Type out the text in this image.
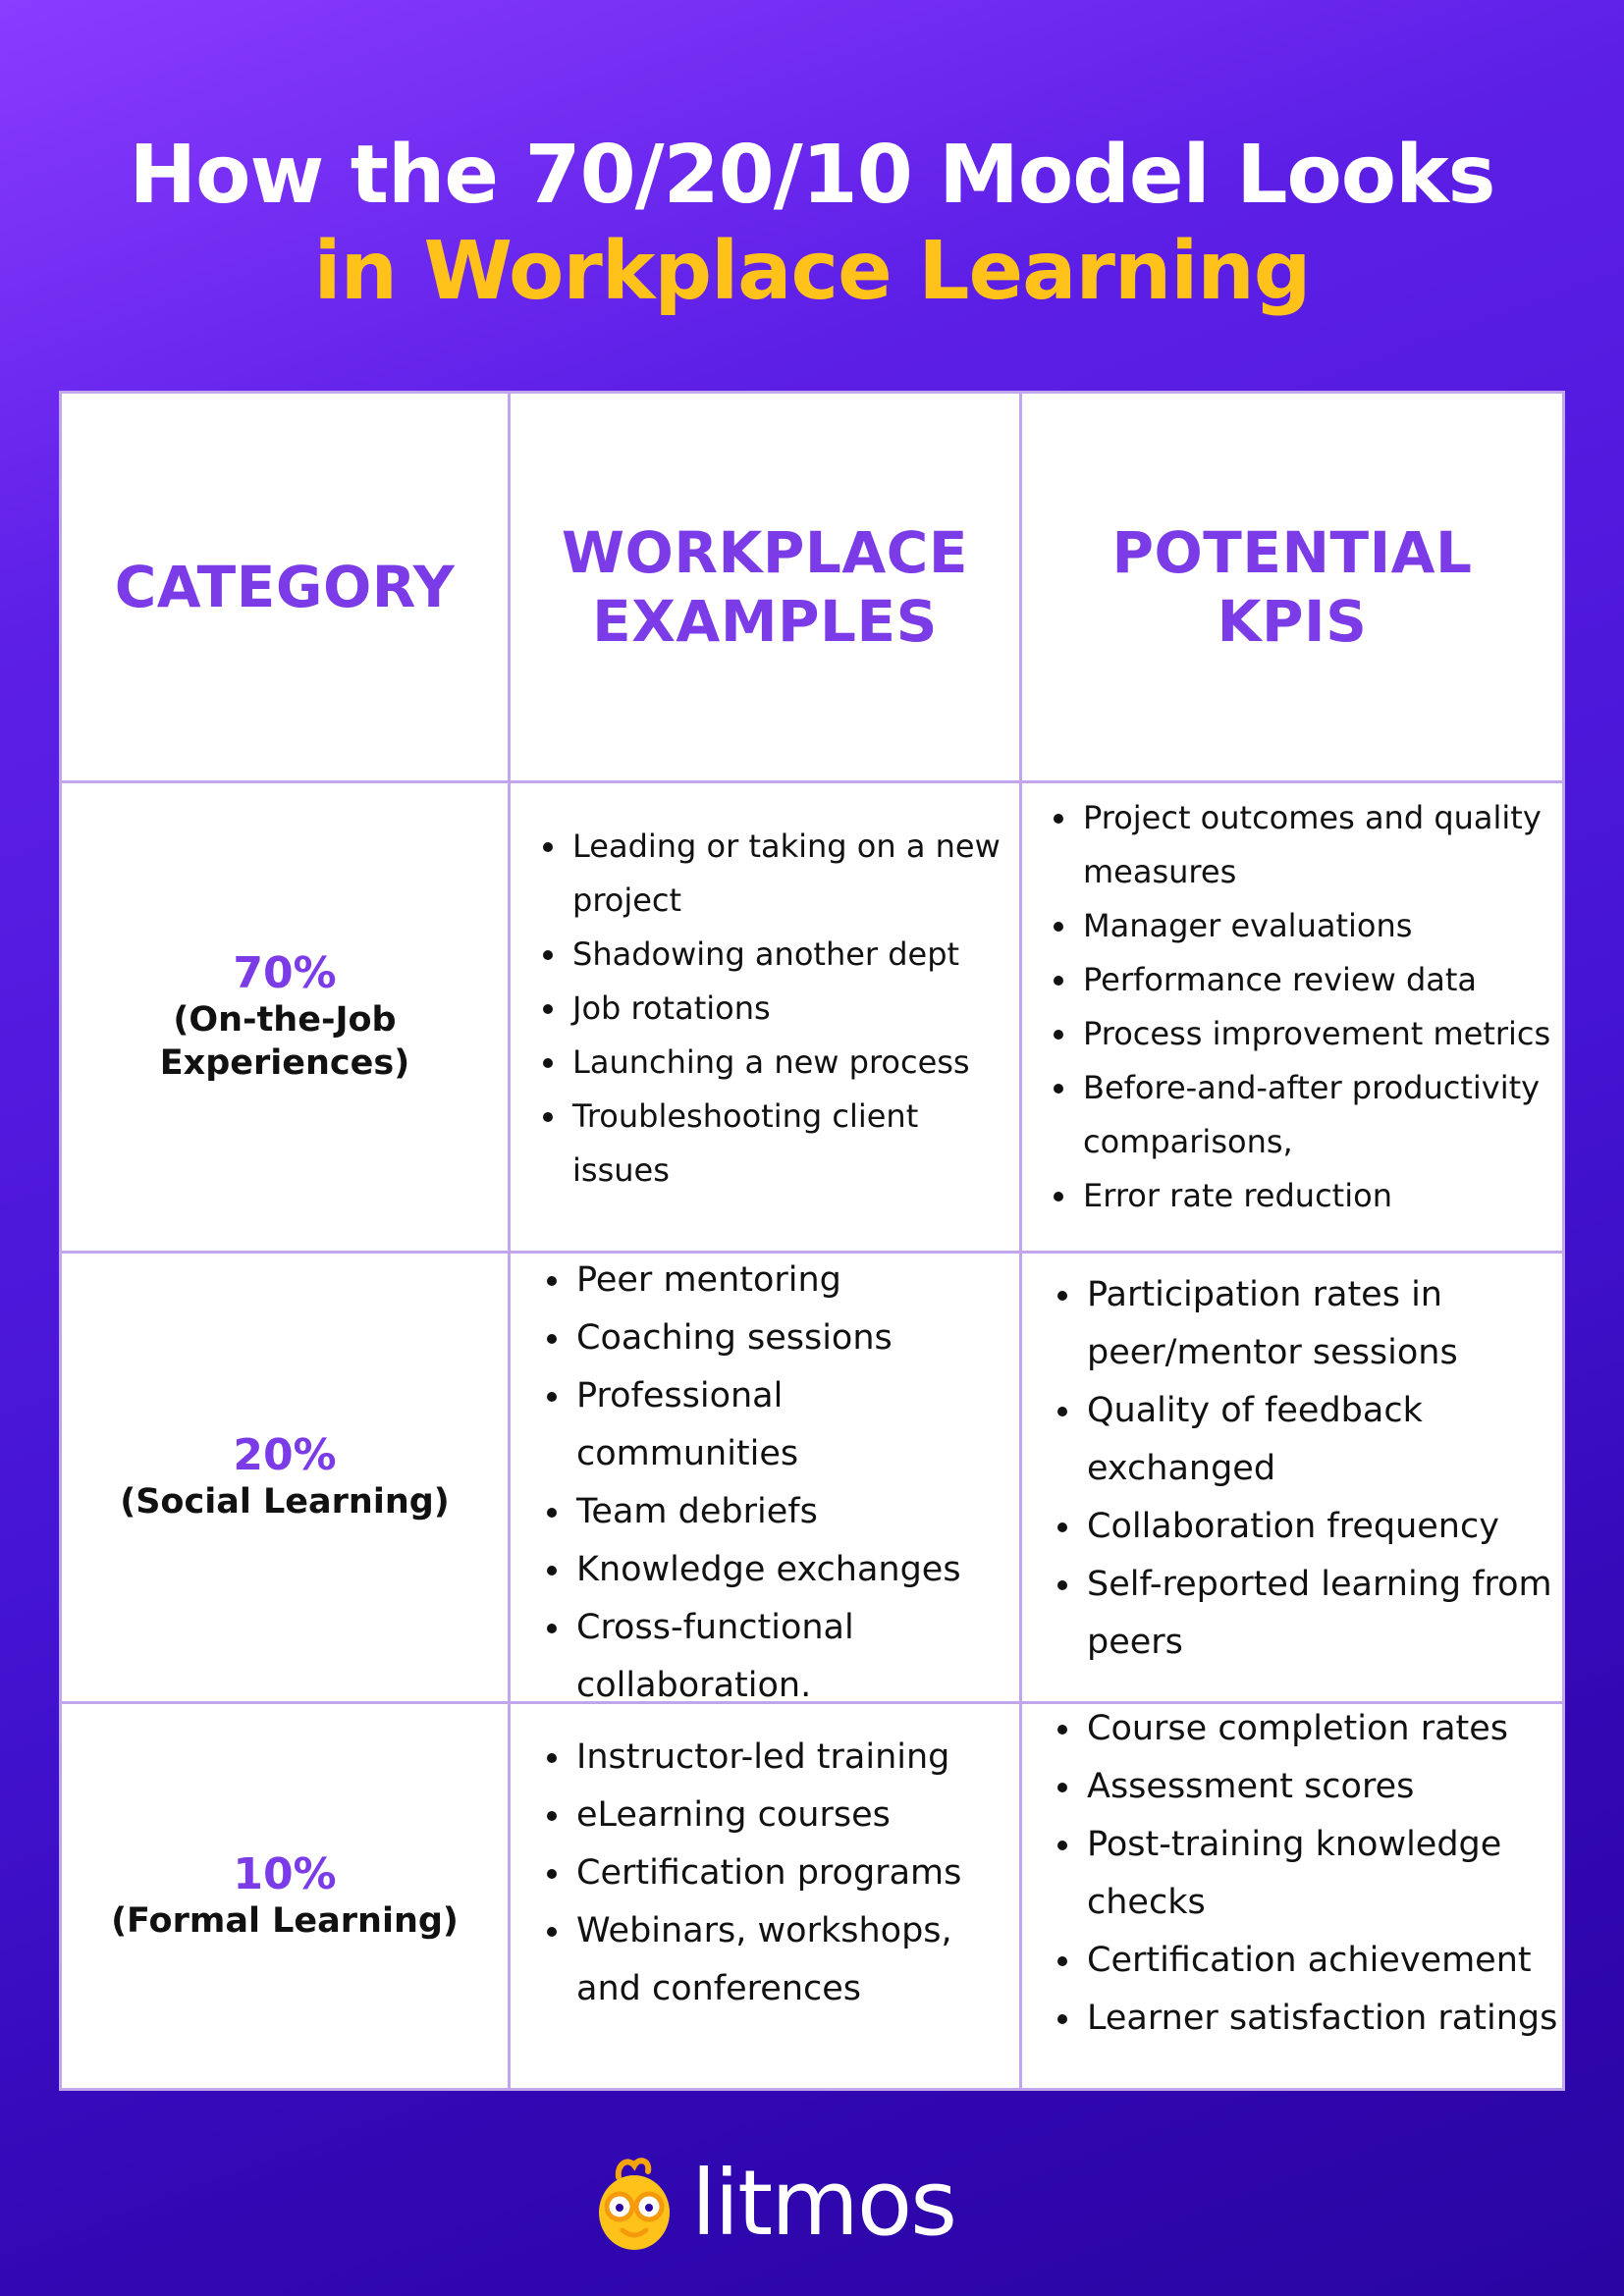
How the 70/20/10 Model Looks
in Workplace Learning
CATEGORY
WORKPLACE
EXAMPLES
POTENTIAL
KPIS
70%
(On-the-Job
Experiences)
Leading or taking on a new project
Shadowing another dept
Job rotations
Launching a new process
Troubleshooting client issues
Project outcomes and quality measures
Manager evaluations
Performance review data
Process improvement metrics
Before-and-after productivity comparisons,
Error rate reduction
20%
(Social Learning)
Peer mentoring
Coaching sessions
Professional communities
Team debriefs
Knowledge exchanges
Cross-functional collaboration.
Participation rates in peer/mentor sessions
Quality of feedback exchanged
Collaboration frequency
Self-reported learning from peers
10%
(Formal Learning)
Instructor-led training
eLearning courses
Certification programs
Webinars, workshops, and conferences
Course completion rates
Assessment scores
Post-training knowledge checks
Certification achievement
Learner satisfaction ratings
litmos
